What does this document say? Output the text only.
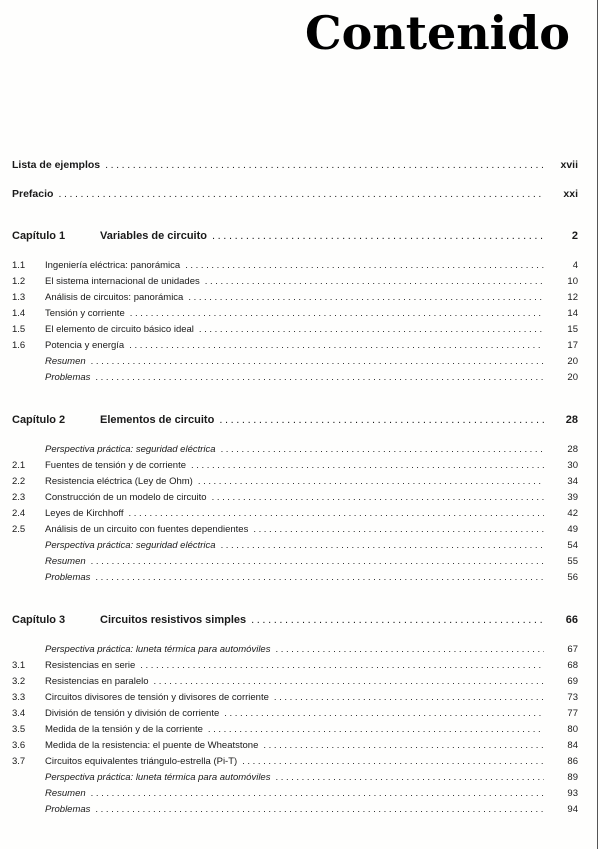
Contenido
Lista de ejemplos .....	xvii
Prefacio .....	xxi
Capítulo 1	Variables de circuito .....	2
1.1	Ingeniería eléctrica: panorámica .....	4
1.2	El sistema internacional de unidades .....	10
1.3	Análisis de circuitos: panorámica .....	12
1.4	Tensión y corriente .....	14
1.5	El elemento de circuito básico ideal .....	15
1.6	Potencia y energía .....	17
Resumen .....	20
Problemas .....	20
Capítulo 2	Elementos de circuito .....	28
Perspectiva práctica: seguridad eléctrica .....	28
2.1	Fuentes de tensión y de corriente .....	30
2.2	Resistencia eléctrica (Ley de Ohm) .....	34
2.3	Construcción de un modelo de circuito .....	39
2.4	Leyes de Kirchhoff .....	42
2.5	Análisis de un circuito con fuentes dependientes .....	49
Perspectiva práctica: seguridad eléctrica .....	54
Resumen .....	55
Problemas .....	56
Capítulo 3	Circuitos resistivos simples .....	66
Perspectiva práctica: luneta térmica para automóviles .....	67
3.1	Resistencias en serie .....	68
3.2	Resistencias en paralelo .....	69
3.3	Circuitos divisores de tensión y divisores de corriente .....	73
3.4	División de tensión y división de corriente .....	77
3.5	Medida de la tensión y de la corriente .....	80
3.6	Medida de la resistencia: el puente de Wheatstone .....	84
3.7	Circuitos equivalentes triángulo-estrella (Pi-T) .....	86
Perspectiva práctica: luneta térmica para automóviles .....	89
Resumen .....	93
Problemas .....	94
